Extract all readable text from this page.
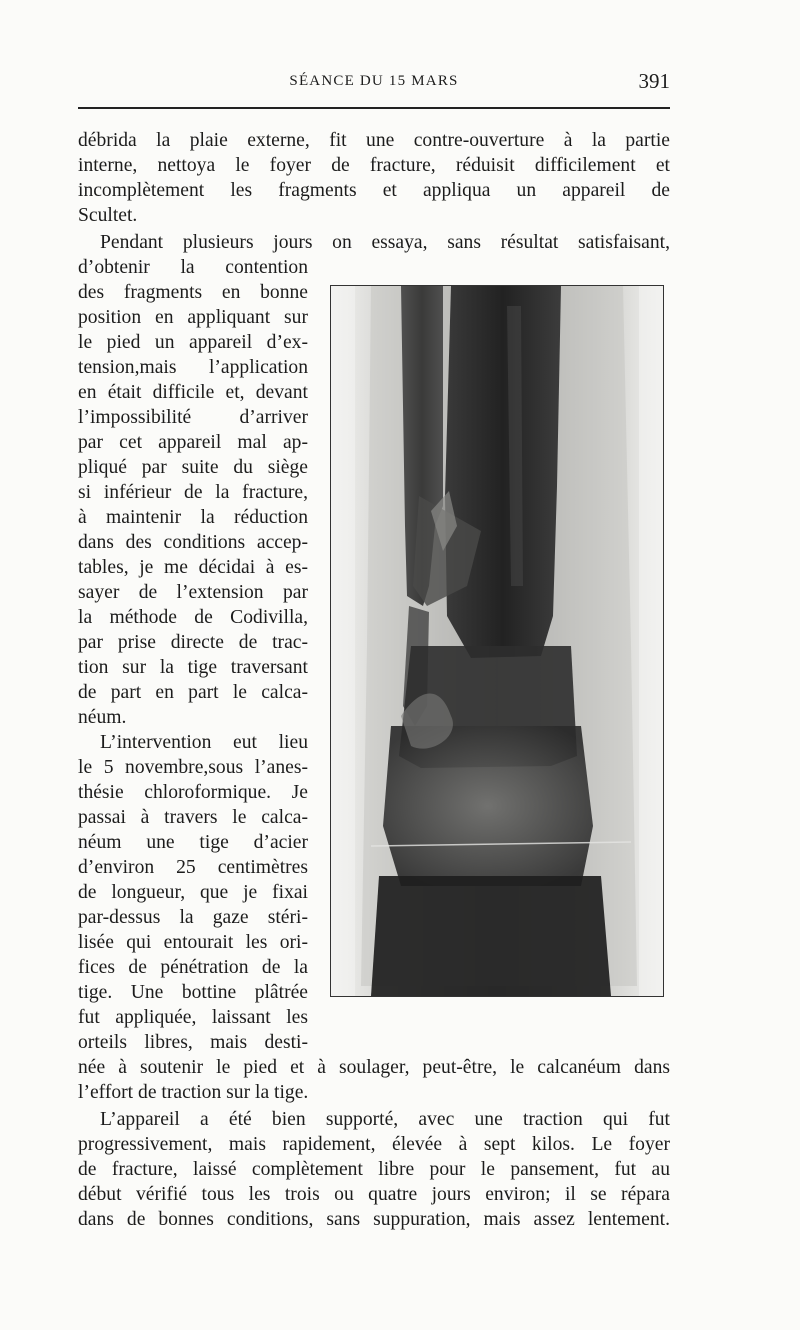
SÉANCE DU 15 MARS	391
débrida la plaie externe, fit une contre-ouverture à la partie
interne, nettoya le foyer de fracture, réduisit difficilement et
incomplètement les fragments et appliqua un appareil de
Scultet.
Pendant plusieurs jours on essaya, sans résultat satisfaisant,
d’obtenir la contention
des fragments en bonne
position en appliquant sur
le pied un appareil d’ex-
tension,mais l’application
en était difficile et, devant
l’impossibilité d’arriver
par cet appareil mal ap-
pliqué par suite du siège
si inférieur de la fracture,
à maintenir la réduction
dans des conditions accep-
tables, je me décidai à es-
sayer de l’extension par
la méthode de Codivilla,
par prise directe de trac-
tion sur la tige traversant
de part en part le calca-
néum.
L’intervention eut lieu
le 5 novembre,sous l’anes-
thésie chloroformique. Je
passai à travers le calca-
néum une tige d’acier
d’environ 25 centimètres
de longueur, que je fixai
par-dessus la gaze stéri-
lisée qui entourait les ori-
fices de pénétration de la
tige. Une bottine plâtrée
fut appliquée, laissant les
orteils libres, mais desti-
née à soutenir le pied et à soulager, peut-être, le calcanéum dans
l’effort de traction sur la tige.
L’appareil a été bien supporté, avec une traction qui fut
progressivement, mais rapidement, élevée à sept kilos. Le foyer
de fracture, laissé complètement libre pour le pansement, fut au
début vérifié tous les trois ou quatre jours environ; il se répara
dans de bonnes conditions, sans suppuration, mais assez lentement.
